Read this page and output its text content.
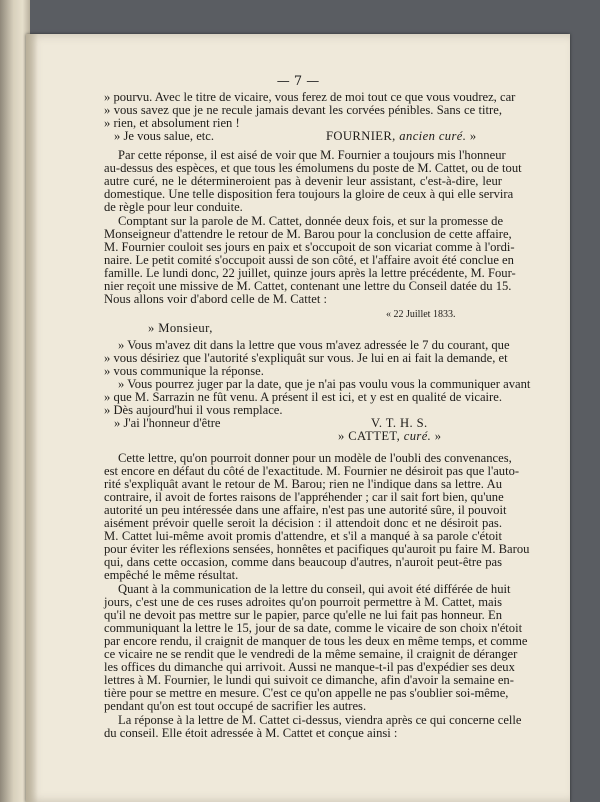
— 7 —

» pourvu. Avec le titre de vicaire, vous ferez de moi tout ce que vous voudrez, car

» vous savez que je ne recule jamais devant les corvées pénibles. Sans ce titre,

» rien, et absolument rien !

» Je vous salue, etc.	FOURNIER, ancien curé. »

Par cette réponse, il est aisé de voir que M. Fournier a toujours mis l'honneur

au-dessus des espèces, et que tous les émolumens du poste de M. Cattet, ou de tout

autre curé, ne le détermineroient pas à devenir leur assistant, c'est-à-dire, leur

domestique. Une telle disposition fera toujours la gloire de ceux à qui elle servira

de règle pour leur conduite.

Comptant sur la parole de M. Cattet, donnée deux fois, et sur la promesse de

Monseigneur d'attendre le retour de M. Barou pour la conclusion de cette affaire,

M. Fournier couloit ses jours en paix et s'occupoit de son vicariat comme à l'ordi-

naire. Le petit comité s'occupoit aussi de son côté, et l'affaire avoit été conclue en

famille. Le lundi donc, 22 juillet, quinze jours après la lettre précédente, M. Four-

nier reçoit une missive de M. Cattet, contenant une lettre du Conseil datée du 15.

Nous allons voir d'abord celle de M. Cattet :

« 22 Juillet 1833.

» Monsieur,

» Vous m'avez dit dans la lettre que vous m'avez adressée le 7 du courant, que

» vous désiriez que l'autorité s'expliquât sur vous. Je lui en ai fait la demande, et

» vous communique la réponse.

» Vous pourrez juger par la date, que je n'ai pas voulu vous la communiquer avant

» que M. Sarrazin ne fût venu. A présent il est ici, et y est en qualité de vicaire.

» Dès aujourd'hui il vous remplace.

» J'ai l'honneur d'être	V. T. H. S.

» CATTET, curé. »

Cette lettre, qu'on pourroit donner pour un modèle de l'oubli des convenances,

est encore en défaut du côté de l'exactitude. M. Fournier ne désiroit pas que l'auto-

rité s'expliquât avant le retour de M. Barou; rien ne l'indique dans sa lettre. Au

contraire, il avoit de fortes raisons de l'appréhender ; car il sait fort bien, qu'une

autorité un peu intéressée dans une affaire, n'est pas une autorité sûre, il pouvoit

aisément prévoir quelle seroit la décision : il attendoit donc et ne désiroit pas.

M. Cattet lui-même avoit promis d'attendre, et s'il a manqué à sa parole c'étoit

pour éviter les réflexions sensées, honnêtes et pacifiques qu'auroit pu faire M. Barou

qui, dans cette occasion, comme dans beaucoup d'autres, n'auroit peut-être pas

empêché le même résultat.

Quant à la communication de la lettre du conseil, qui avoit été différée de huit

jours, c'est une de ces ruses adroites qu'on pourroit permettre à M. Cattet, mais

qu'il ne devoit pas mettre sur le papier, parce qu'elle ne lui fait pas honneur. En

communiquant la lettre le 15, jour de sa date, comme le vicaire de son choix n'étoit

par encore rendu, il craignit de manquer de tous les deux en même temps, et comme

ce vicaire ne se rendit que le vendredi de la même semaine, il craignit de déranger

les offices du dimanche qui arrivoit. Aussi ne manque-t-il pas d'expédier ses deux

lettres à M. Fournier, le lundi qui suivoit ce dimanche, afin d'avoir la semaine en-

tière pour se mettre en mesure. C'est ce qu'on appelle ne pas s'oublier soi-même,

pendant qu'on est tout occupé de sacrifier les autres.

La réponse à la lettre de M. Cattet ci-dessus, viendra après ce qui concerne celle

du conseil. Elle étoit adressée à M. Cattet et conçue ainsi :
